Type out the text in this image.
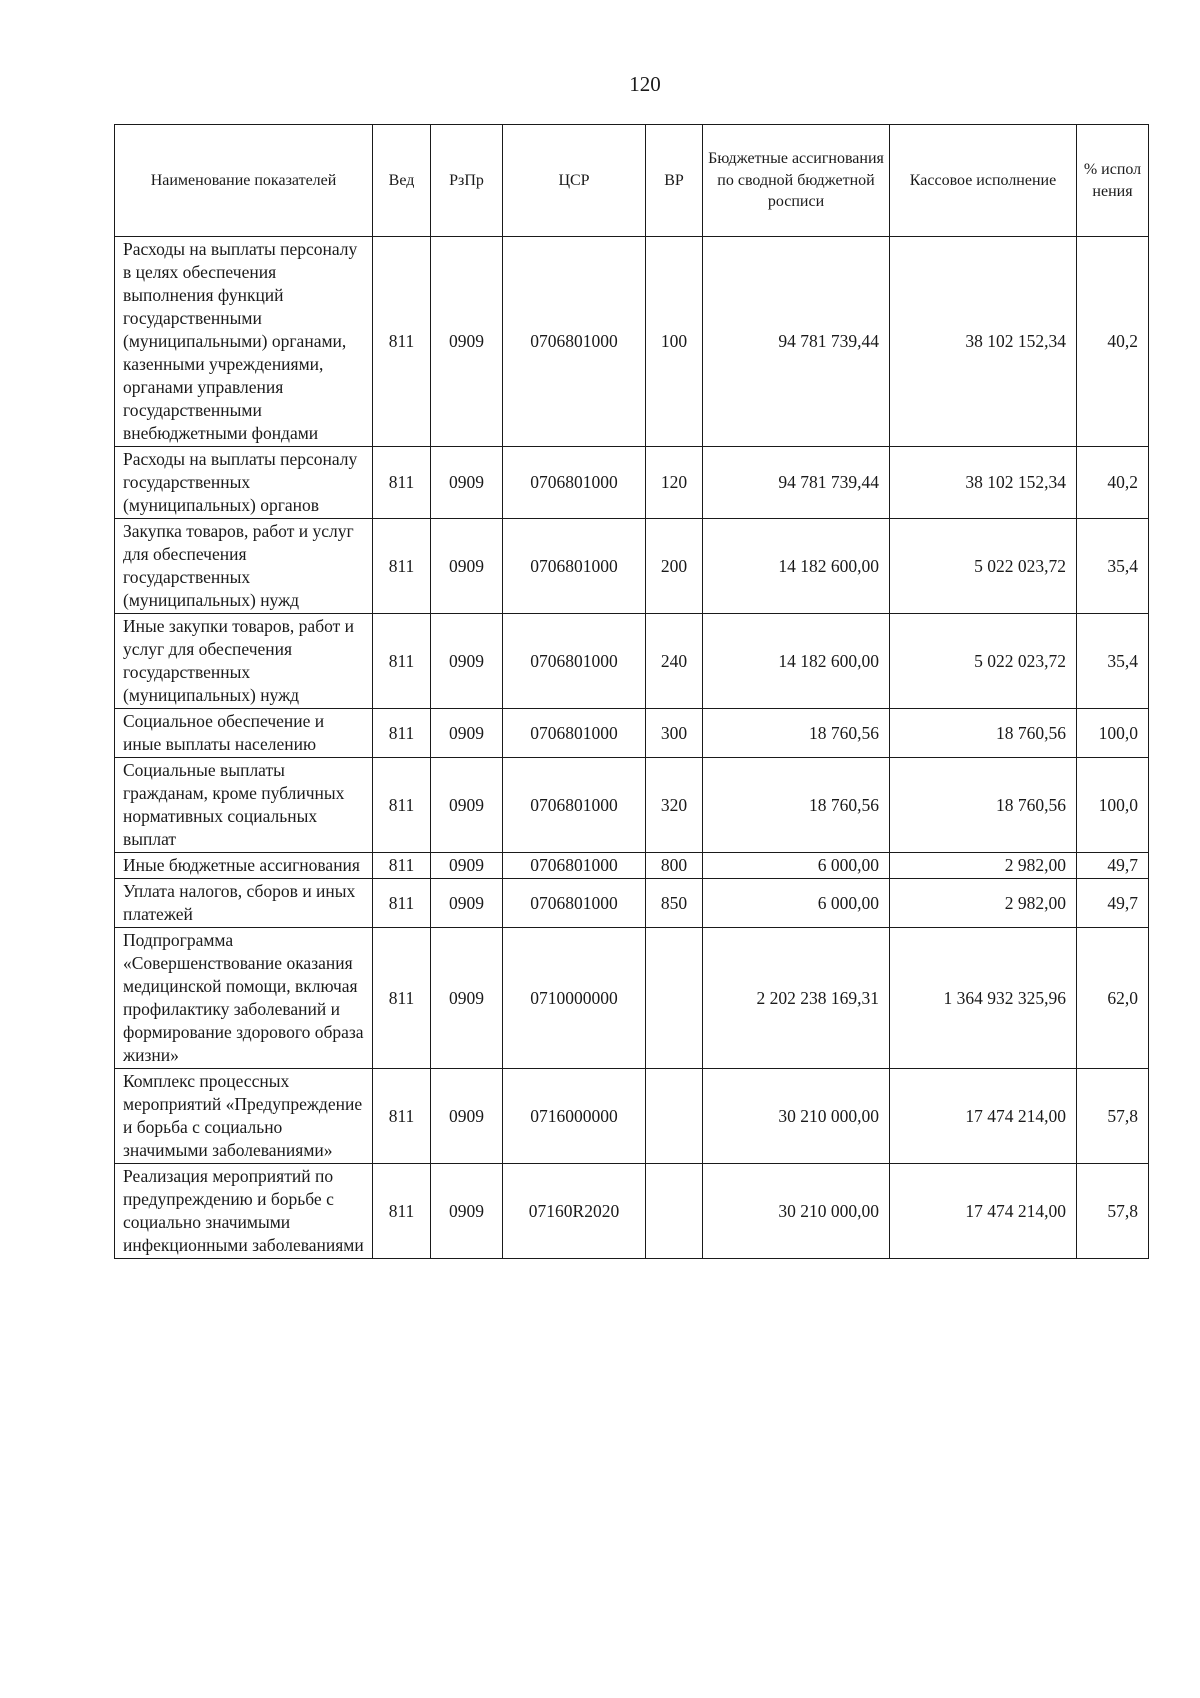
120
Наименование показателей	Вед	РзПр	ЦСР	ВР	Бюджетные ассигнования по сводной бюджетной росписи	Кассовое исполнение	% испол нения
Расходы на выплаты персоналу в целях обеспечения выполнения функций государственными (муниципальными) органами, казенными учреждениями, органами управления государственными внебюджетными фондами	811	0909	0706801000	100	94 781 739,44	38 102 152,34	40,2
Расходы на выплаты персоналу государственных (муниципальных) органов	811	0909	0706801000	120	94 781 739,44	38 102 152,34	40,2
Закупка товаров, работ и услуг для обеспечения государственных (муниципальных) нужд	811	0909	0706801000	200	14 182 600,00	5 022 023,72	35,4
Иные закупки товаров, работ и услуг для обеспечения государственных (муниципальных) нужд	811	0909	0706801000	240	14 182 600,00	5 022 023,72	35,4
Социальное обеспечение и иные выплаты населению	811	0909	0706801000	300	18 760,56	18 760,56	100,0
Социальные выплаты гражданам, кроме публичных нормативных социальных выплат	811	0909	0706801000	320	18 760,56	18 760,56	100,0
Иные бюджетные ассигнования	811	0909	0706801000	800	6 000,00	2 982,00	49,7
Уплата налогов, сборов и иных платежей	811	0909	0706801000	850	6 000,00	2 982,00	49,7
Подпрограмма «Совершенствование оказания медицинской помощи, включая профилактику заболеваний и формирование здорового образа жизни»	811	0909	0710000000		2 202 238 169,31	1 364 932 325,96	62,0
Комплекс процессных мероприятий «Предупреждение и борьба с социально значимыми заболеваниями»	811	0909	0716000000		30 210 000,00	17 474 214,00	57,8
Реализация мероприятий по предупреждению и борьбе с социально значимыми инфекционными заболеваниями	811	0909	07160R2020		30 210 000,00	17 474 214,00	57,8
